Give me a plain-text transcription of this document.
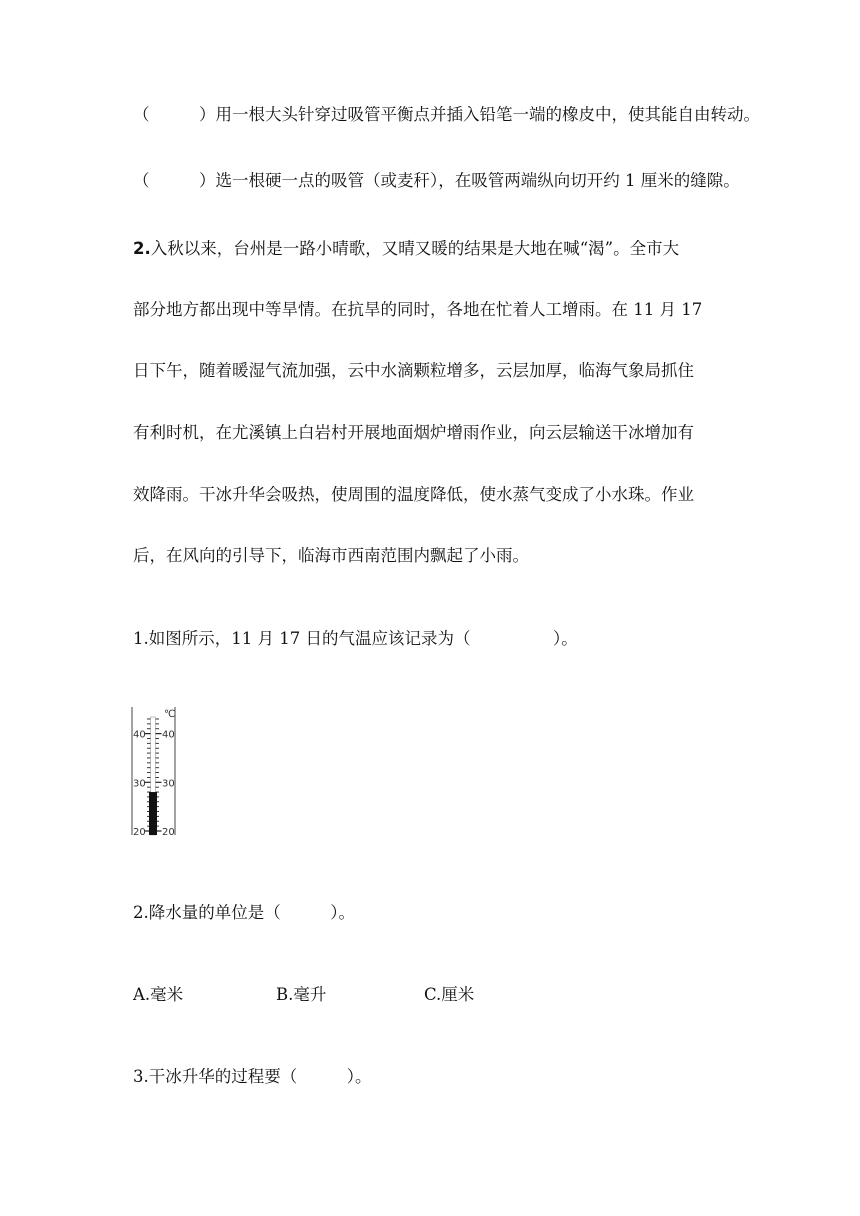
（　　　）用一根大头针穿过吸管平衡点并插入铅笔一端的橡皮中，使其能自由转动。
（　　　）选一根硬一点的吸管（或麦秆），在吸管两端纵向切开约 1 厘米的缝隙。
2.入秋以来，台州是一路小晴歌，又晴又暖的结果是大地在喊“渴”。全市大
部分地方都出现中等旱情。在抗旱的同时，各地在忙着人工增雨。在 11 月 17
日下午，随着暖湿气流加强，云中水滴颗粒增多，云层加厚，临海气象局抓住
有利时机，在尤溪镇上白岩村开展地面烟炉增雨作业，向云层输送干冰增加有
效降雨。干冰升华会吸热，使周围的温度降低，使水蒸气变成了小水珠。作业
后，在风向的引导下，临海市西南范围内飘起了小雨。
1.如图所示，11 月 17 日的气温应该记录为（　　　　　）。
℃
40
30
20
40
30
20
2.降水量的单位是（　　　）。
A.毫米	B.毫升	C.厘米
3.干冰升华的过程要（　　　）。
